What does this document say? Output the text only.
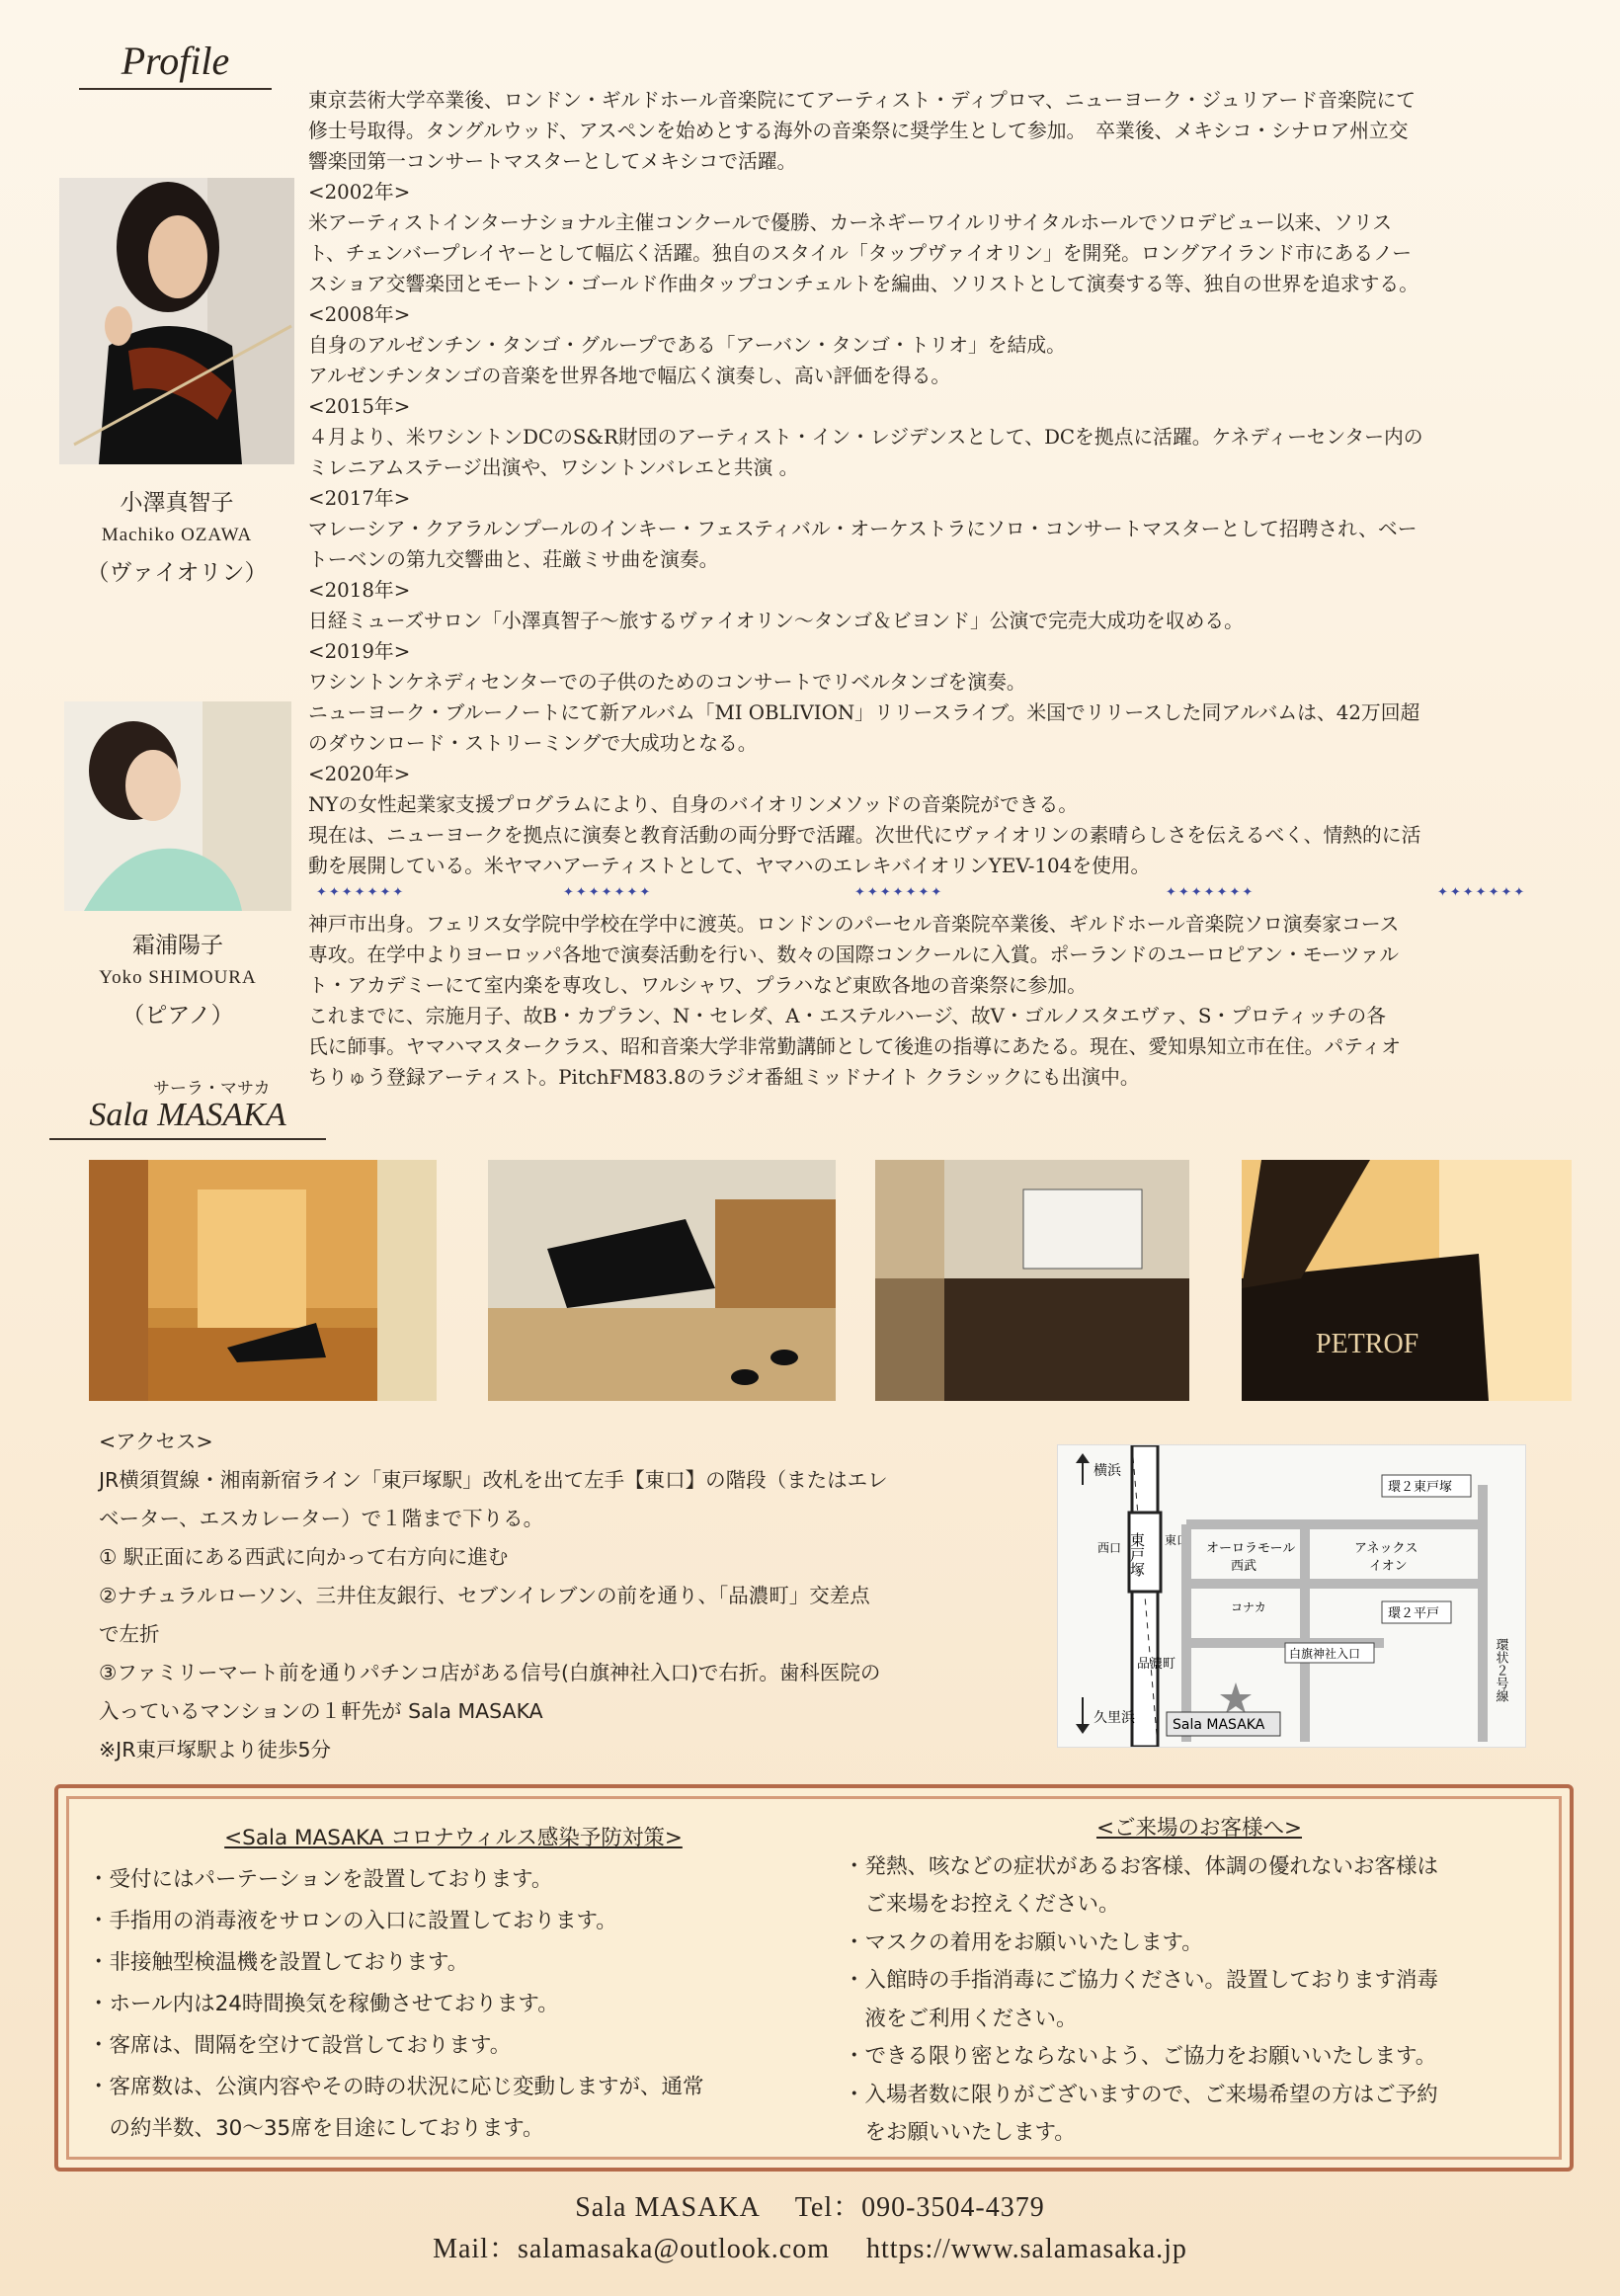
Profile
小澤真智子
Machiko OZAWA
（ヴァイオリン）
霜浦陽子
Yoko SHIMOURA
（ピアノ）

東京芸術大学卒業後、ロンドン・ギルドホール音楽院にてアーティスト・ディプロマ、ニューヨーク・ジュリアード音楽院にて

修士号取得。タングルウッド、アスペンを始めとする海外の音楽祭に奨学生として参加。　卒業後、メキシコ・シナロア州立交

響楽団第一コンサートマスターとしてメキシコで活躍。

<2002年>

米アーティストインターナショナル主催コンクールで優勝、カーネギーワイルリサイタルホールでソロデビュー以来、ソリス

ト、チェンバープレイヤーとして幅広く活躍。独自のスタイル「タップヴァイオリン」を開発。ロングアイランド市にあるノー

スショア交響楽団とモートン・ゴールド作曲タップコンチェルトを編曲、ソリストとして演奏する等、独自の世界を追求する。

<2008年>

自身のアルゼンチン・タンゴ・グループである「アーバン・タンゴ・トリオ」を結成。

アルゼンチンタンゴの音楽を世界各地で幅広く演奏し、高い評価を得る。

<2015年>

４月より、米ワシントンDCのS&R財団のアーティスト・イン・レジデンスとして、DCを拠点に活躍。ケネディーセンター内の

ミレニアムステージ出演や、ワシントンバレエと共演 。

<2017年>

マレーシア・クアラルンプールのインキー・フェスティバル・オーケストラにソロ・コンサートマスターとして招聘され、ベー

トーベンの第九交響曲と、荘厳ミサ曲を演奏。

<2018年>

日経ミューズサロン「小澤真智子〜旅するヴァイオリン〜タンゴ＆ビヨンド」公演で完売大成功を収める。

<2019年>

ワシントンケネディセンターでの子供のためのコンサートでリベルタンゴを演奏。

ニューヨーク・ブルーノートにて新アルバム「MI OBLIVION」リリースライブ。米国でリリースした同アルバムは、42万回超

のダウンロード・ストリーミングで大成功となる。

<2020年>

NYの女性起業家支援プログラムにより、自身のバイオリンメソッドの音楽院ができる。

現在は、ニューヨークを拠点に演奏と教育活動の両分野で活躍。次世代にヴァイオリンの素晴らしさを伝えるべく、情熱的に活

動を展開している。米ヤマハアーティストとして、ヤマハのエレキバイオリンYEV-104を使用。

✦✦✦✦✦✦✦	✦✦✦✦✦✦✦	✦✦✦✦✦✦✦	✦✦✦✦✦✦✦	✦✦✦✦✦✦✦

神戸市出身。フェリス女学院中学校在学中に渡英。ロンドンのパーセル音楽院卒業後、ギルドホール音楽院ソロ演奏家コース

専攻。在学中よりヨーロッパ各地で演奏活動を行い、数々の国際コンクールに入賞。ポーランドのユーロピアン・モーツァル

ト・アカデミーにて室内楽を専攻し、ワルシャワ、プラハなど東欧各地の音楽祭に参加。

これまでに、宗施月子、故B・カプラン、N・セレダ、A・エステルハージ、故V・ゴルノスタエヴァ、S・プロティッチの各

氏に師事。ヤマハマスタークラス、昭和音楽大学非常勤講師として後進の指導にあたる。現在、愛知県知立市在住。パティオ

ちりゅう登録アーティスト。PitchFM83.8のラジオ番組ミッドナイト クラシックにも出演中。

サーラ・マサカ
Sala MASAKA
PETROF

<アクセス>

JR横須賀線・湘南新宿ライン「東戸塚駅」改札を出て左手【東口】の階段（またはエレ

ベーター、エスカレーター）で１階まで下りる。

① 駅正面にある西武に向かって右方向に進む

②ナチュラルローソン、三井住友銀行、セブンイレブンの前を通り、「品濃町」交差点

で左折

③ファミリーマート前を通りパチンコ店がある信号(白旗神社入口)で右折。歯科医院の

入っているマンションの１軒先が Sala MASAKA

※JR東戸塚駅より徒歩5分

横浜
久里浜
東戸塚
西口
東口
オーロラモール
西武
アネックス
イオン
環２東戸塚
環２平戸
環状２号線
品濃町
白旗神社入口
コナカ
Sala MASAKA

<Sala MASAKA コロナウィルス感染予防対策>

・受付にはパーテーションを設置しております。

・手指用の消毒液をサロンの入口に設置しております。

・非接触型検温機を設置しております。

・ホール内は24時間換気を稼働させております。

・客席は、間隔を空けて設営しております。

・客席数は、公演内容やその時の状況に応じ変動しますが、通常

　の約半数、30〜35席を目途にしております。

<ご来場のお客様へ>

・発熱、咳などの症状があるお客様、体調の優れないお客様は

　ご来場をお控えください。

・マスクの着用をお願いいたします。

・入館時の手指消毒にご協力ください。設置しております消毒

　液をご利用ください。

・できる限り密とならないよう、ご協力をお願いいたします。

・入場者数に限りがございますので、ご来場希望の方はご予約

　をお願いいたします。

Sala MASAKA　 Tel：090-3504-4379
Mail：salamasaka@outlook.com　 https://www.salamasaka.jp
